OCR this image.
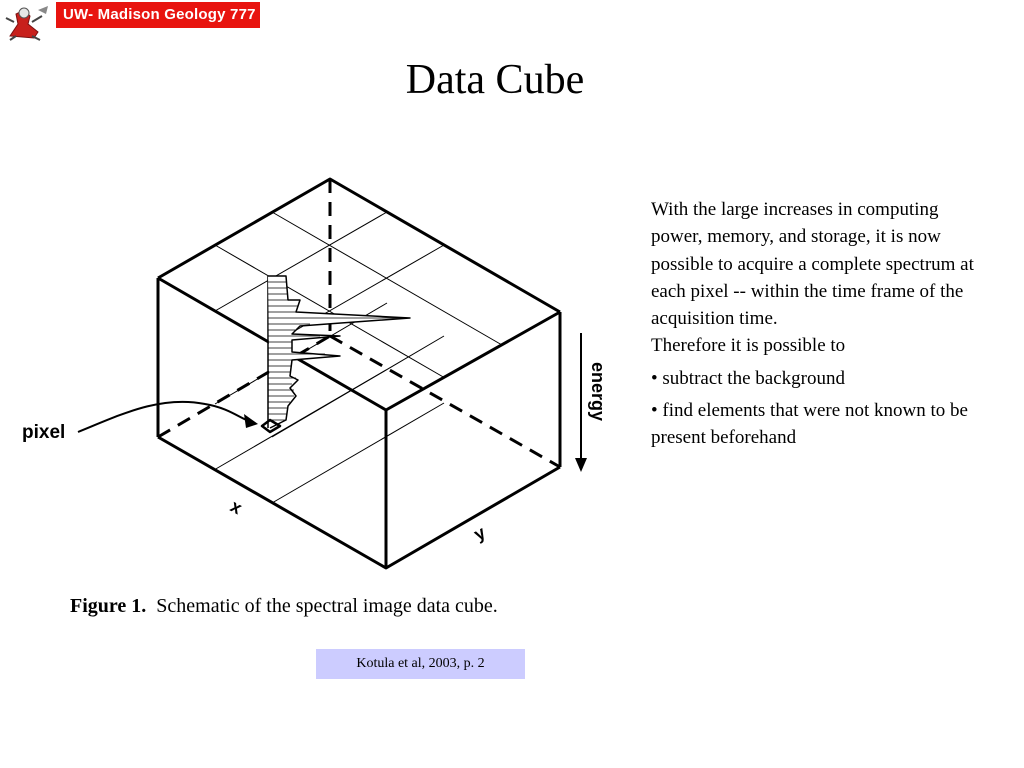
UW- Madison Geology 777
Data Cube
pixel
energy
x
y
Figure 1. Schematic of the spectral image data cube.

With the large increases in computing power, memory, and storage, it is now possible to acquire a complete spectrum at each pixel -- within the time frame of the acquisition time.

Therefore it is possible to

• subtract the background

• find elements that were not known to be present beforehand

Kotula et al, 2003, p. 2
